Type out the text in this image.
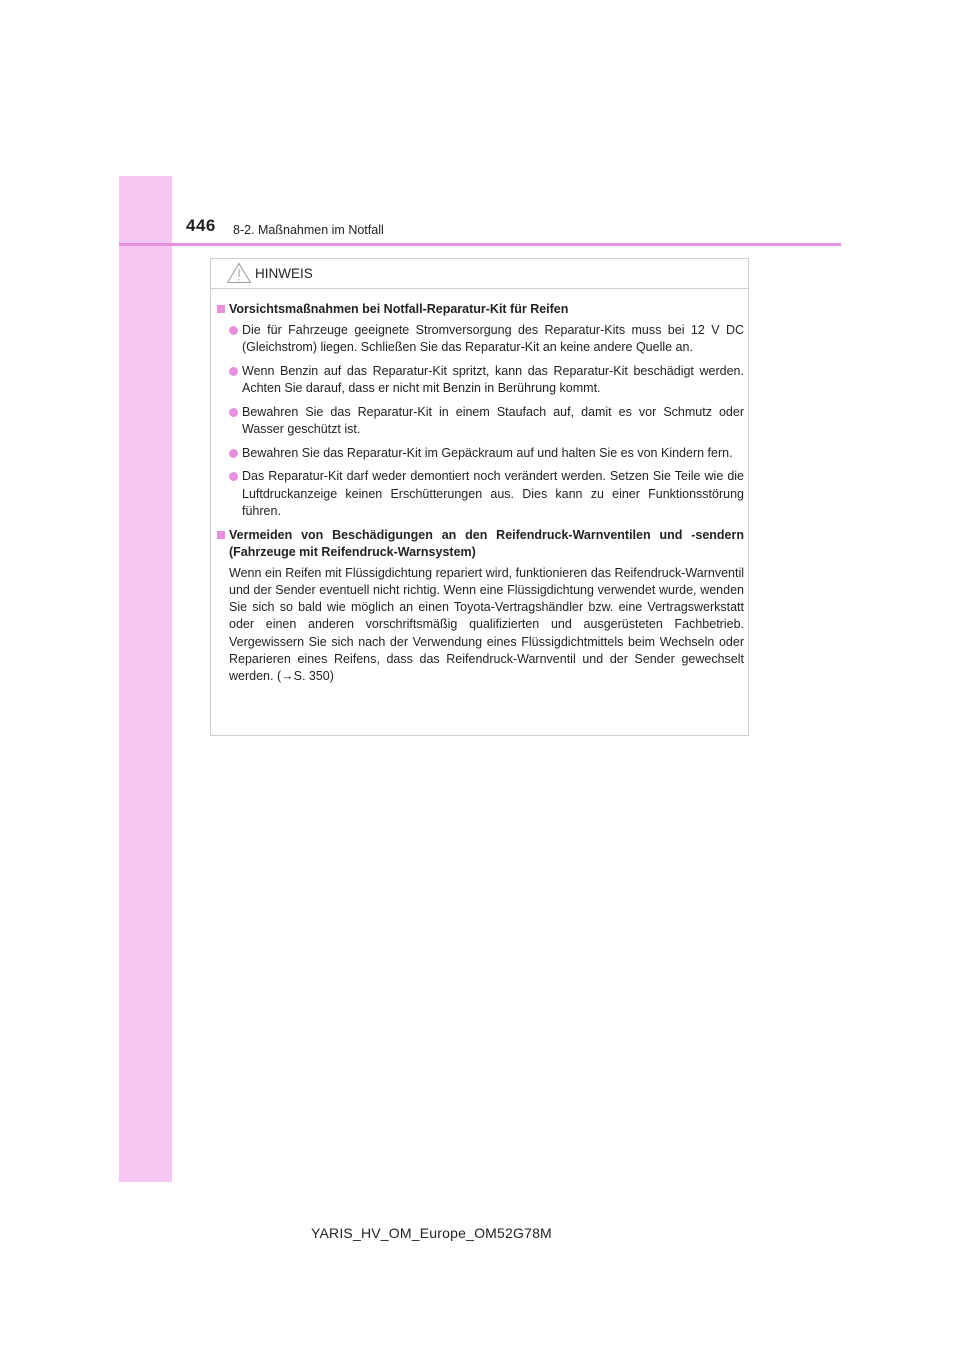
446 8-2. Maßnahmen im Notfall
HINWEIS
Vorsichtsmaßnahmen bei Notfall-Reparatur-Kit für Reifen
Die für Fahrzeuge geeignete Stromversorgung des Reparatur-Kits muss bei 12 V DC (Gleichstrom) liegen. Schließen Sie das Reparatur-Kit an keine andere Quelle an.
Wenn Benzin auf das Reparatur-Kit spritzt, kann das Reparatur-Kit beschädigt werden. Achten Sie darauf, dass er nicht mit Benzin in Berührung kommt.
Bewahren Sie das Reparatur-Kit in einem Staufach auf, damit es vor Schmutz oder Wasser geschützt ist.
Bewahren Sie das Reparatur-Kit im Gepäckraum auf und halten Sie es von Kindern fern.
Das Reparatur-Kit darf weder demontiert noch verändert werden. Setzen Sie Teile wie die Luftdruckanzeige keinen Erschütterungen aus. Dies kann zu einer Funktionsstörung führen.
Vermeiden von Beschädigungen an den Reifendruck-Warnventilen und -sendern (Fahrzeuge mit Reifendruck-Warnsystem)
Wenn ein Reifen mit Flüssigdichtung repariert wird, funktionieren das Reifendruck-Warnventil und der Sender eventuell nicht richtig. Wenn eine Flüssigdichtung verwendet wurde, wenden Sie sich so bald wie möglich an einen Toyota-Vertragshändler bzw. eine Vertragswerkstatt oder einen anderen vorschriftsmäßig qualifizierten und ausgerüsteten Fachbetrieb. Vergewissern Sie sich nach der Verwendung eines Flüssigdichtmittels beim Wechseln oder Reparieren eines Reifens, dass das Reifendruck-Warnventil und der Sender gewechselt werden. (→S. 350)
YARIS_HV_OM_Europe_OM52G78M
